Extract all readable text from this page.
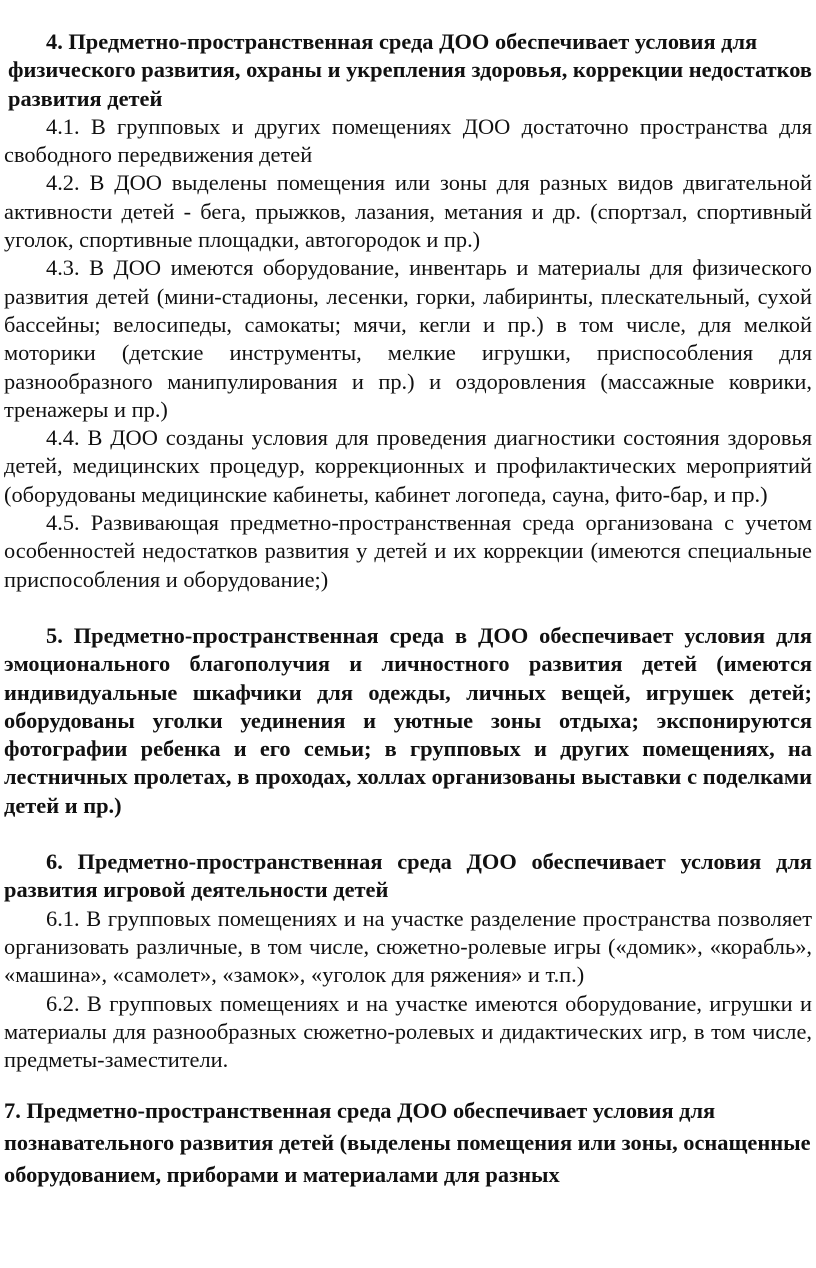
4. Предметно-пространственная среда ДОО обеспечивает условия для физического развития, охраны и укрепления здоровья, коррекции недостатков развития детей

4.1. В групповых и других помещениях ДОО достаточно пространства для свободного передвижения детей

4.2. В ДОО выделены помещения или зоны для разных видов двигательной активности детей - бега, прыжков, лазания, метания и др. (спортзал, спортивный уголок, спортивные площадки, автогородок и пр.)

4.3. В ДОО имеются оборудование, инвентарь и материалы для физического развития детей (мини-стадионы, лесенки, горки, лабиринты, плескательный, сухой бассейны; велосипеды, самокаты; мячи, кегли и пр.) в том числе, для мелкой моторики (детские инструменты, мелкие игрушки, приспособления для разнообразного манипулирования и пр.) и оздоровления (массажные коврики, тренажеры и пр.)

4.4. В ДОО созданы условия для проведения диагностики состояния здоровья детей, медицинских процедур, коррекционных и профилактических мероприятий (оборудованы медицинские кабинеты, кабинет логопеда, сауна, фито-бар, и пр.)

4.5. Развивающая предметно-пространственная среда организована с учетом особенностей недостатков развития у детей и их коррекции (имеются специальные приспособления и оборудование;)

5. Предметно-пространственная среда в ДОО обеспечивает условия для эмоционального благополучия и личностного развития детей (имеются индивидуальные шкафчики для одежды, личных вещей, игрушек детей; оборудованы уголки уединения и уютные зоны отдыха; экспонируются фотографии ребенка и его семьи; в групповых и других помещениях, на лестничных пролетах, в проходах, холлах организованы выставки с поделками детей и пр.)

6. Предметно-пространственная среда ДОО обеспечивает условия для развития игровой деятельности детей

6.1. В групповых помещениях и на участке разделение пространства позволяет организовать различные, в том числе, сюжетно-ролевые игры («домик», «корабль», «машина», «самолет», «замок», «уголок для ряжения» и т.п.)

6.2. В групповых помещениях и на участке имеются оборудование, игрушки и материалы для разнообразных сюжетно-ролевых и дидактических игр, в том числе, предметы-заместители.

7. Предметно-пространственная среда ДОО обеспечивает условия для познавательного развития детей (выделены помещения или зоны, оснащенные оборудованием, приборами и материалами для разных
